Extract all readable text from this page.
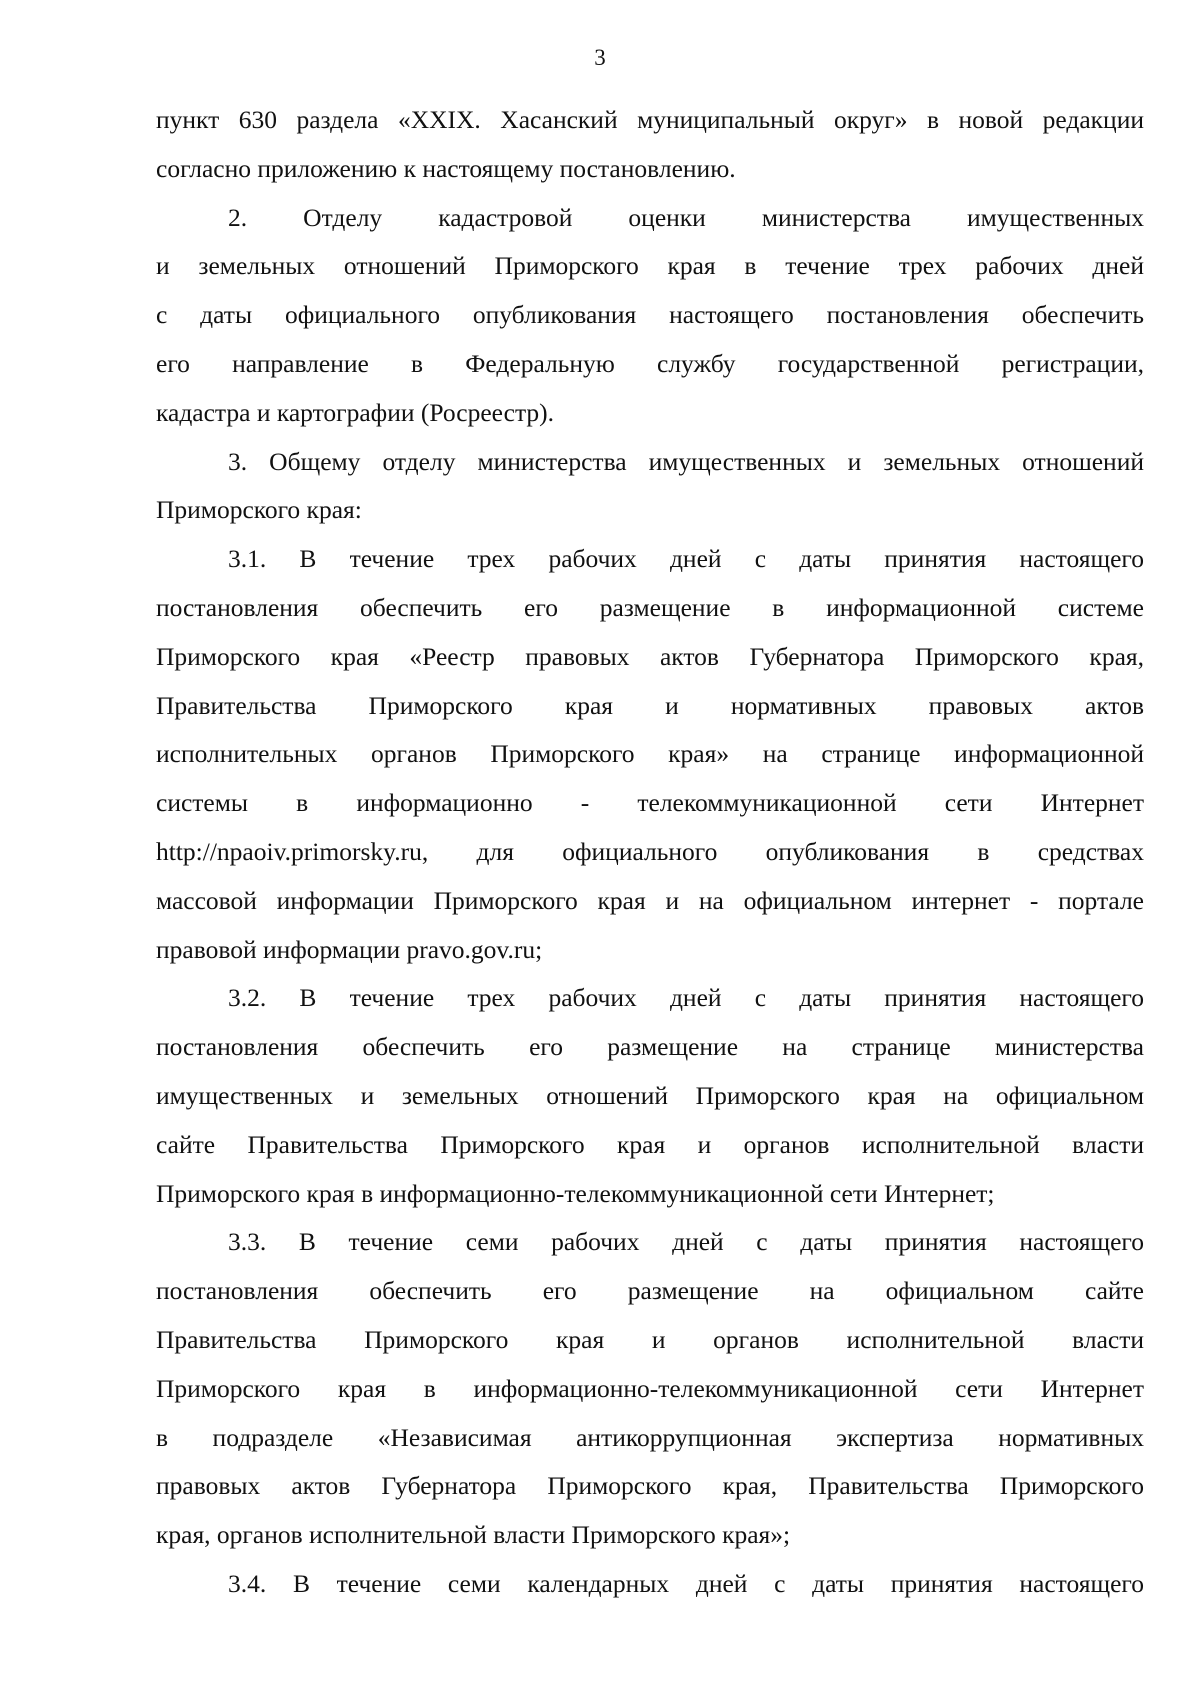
3
пункт 630 раздела «XXIX. Хасанский муниципальный округ» в новой редакции
согласно приложению к настоящему постановлению.
2. Отделу кадастровой оценки министерства имущественных
и земельных отношений Приморского края в течение трех рабочих дней
с даты официального опубликования настоящего постановления обеспечить
его направление в Федеральную службу государственной регистрации,
кадастра и картографии (Росреестр).
3. Общему отделу министерства имущественных и земельных отношений
Приморского края:
3.1. В течение трех рабочих дней с даты принятия настоящего
постановления обеспечить его размещение в информационной системе
Приморского края «Реестр правовых актов Губернатора Приморского края,
Правительства Приморского края и нормативных правовых актов
исполнительных органов Приморского края» на странице информационной
системы в информационно - телекоммуникационной сети Интернет
http://npaoiv.primorsky.ru, для официального опубликования в средствах
массовой информации Приморского края и на официальном интернет - портале
правовой информации pravo.gov.ru;
3.2. В течение трех рабочих дней с даты принятия настоящего
постановления обеспечить его размещение на странице министерства
имущественных и земельных отношений Приморского края на официальном
сайте Правительства Приморского края и органов исполнительной власти
Приморского края в информационно-телекоммуникационной сети Интернет;
3.3. В течение семи рабочих дней с даты принятия настоящего
постановления обеспечить его размещение на официальном сайте
Правительства Приморского края и органов исполнительной власти
Приморского края в информационно-телекоммуникационной сети Интернет
в подразделе «Независимая антикоррупционная экспертиза нормативных
правовых актов Губернатора Приморского края, Правительства Приморского
края, органов исполнительной власти Приморского края»;
3.4. В течение семи календарных дней с даты принятия настоящего
